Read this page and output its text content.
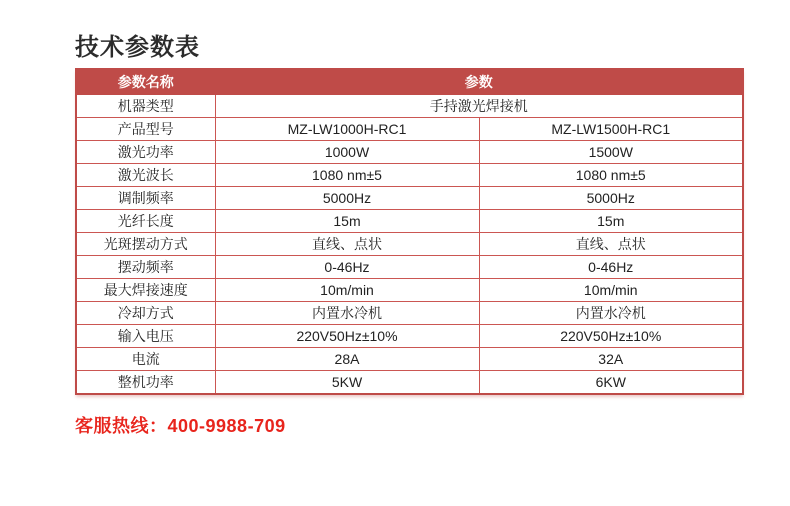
技术参数表
参数名称	参数	
机器类型	手持激光焊接机	
产品型号	MZ-LW1000H-RC1	MZ-LW1500H-RC1
激光功率	1000W	1500W
激光波长	1080 nm±5	1080 nm±5
调制频率	5000Hz	5000Hz
光纤长度	15m	15m
光斑摆动方式	直线、点状	直线、点状
摆动频率	0-46Hz	0-46Hz
最大焊接速度	10m/min	10m/min
冷却方式	内置水冷机	内置水冷机
输入电压	220V50Hz±10%	220V50Hz±10%
电流	28A	32A
整机功率	5KW	6KW
客服热线：400-9988-709
